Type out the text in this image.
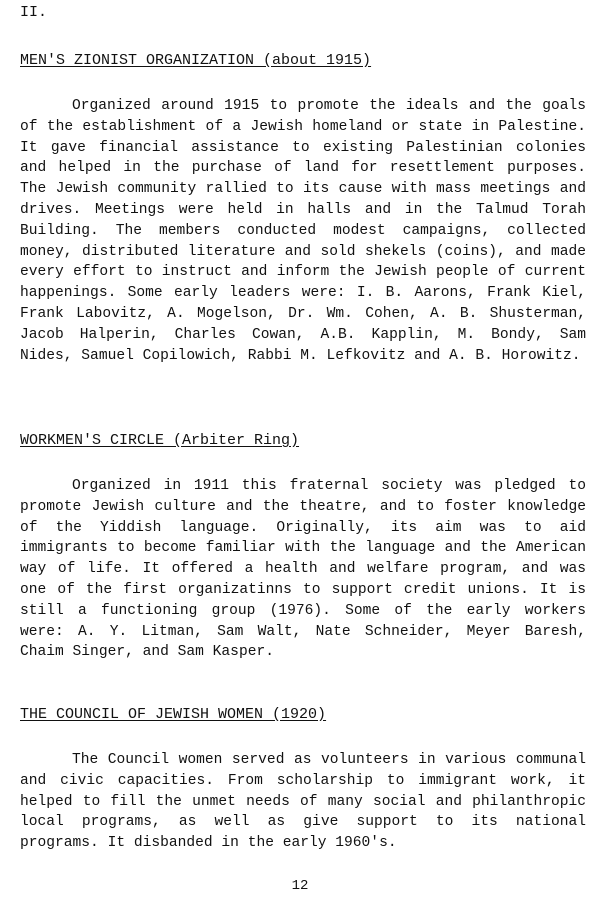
II.
MEN'S ZIONIST ORGANIZATION (about 1915)
Organized around 1915 to promote the ideals and the goals of the establishment of a Jewish homeland or state in Palestine. It gave financial assistance to existing Palestinian colonies and helped in the purchase of land for resettlement purposes. The Jewish community rallied to its cause with mass meetings and drives. Meetings were held in halls and in the Talmud Torah Building. The members conducted modest campaigns, collected money, distributed literature and sold shekels (coins), and made every effort to instruct and inform the Jewish people of current happenings. Some early leaders were: I. B. Aarons, Frank Kiel, Frank Labovitz, A. Mogelson, Dr. Wm. Cohen, A. B. Shusterman, Jacob Halperin, Charles Cowan, A.B. Kapplin, M. Bondy, Sam Nides, Samuel Copilowich, Rabbi M. Lefkovitz and A. B. Horowitz.
WORKMEN'S CIRCLE (Arbiter Ring)
Organized in 1911 this fraternal society was pledged to promote Jewish culture and the theatre, and to foster knowledge of the Yiddish language. Originally, its aim was to aid immigrants to become familiar with the language and the American way of life. It offered a health and welfare program, and was one of the first organizatinns to support credit unions. It is still a functioning group (1976). Some of the early workers were: A. Y. Litman, Sam Walt, Nate Schneider, Meyer Baresh, Chaim Singer, and Sam Kasper.
THE COUNCIL OF JEWISH WOMEN (1920)
The Council women served as volunteers in various communal and civic capacities. From scholarship to immigrant work, it helped to fill the unmet needs of many social and philanthropic local programs, as well as give support to its national programs. It disbanded in the early 1960's.
12
